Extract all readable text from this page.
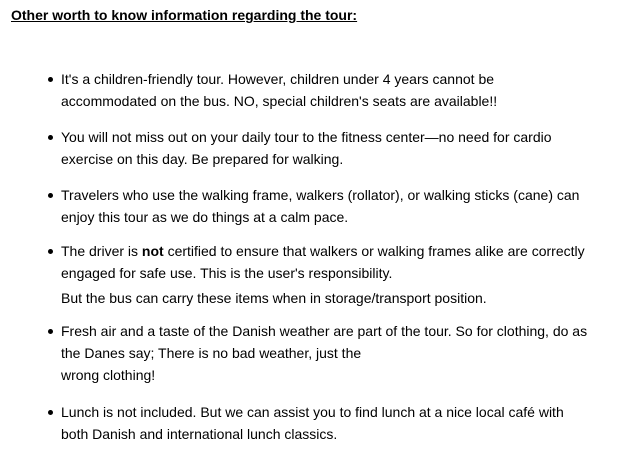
Other worth to know information regarding the tour:
It's a children-friendly tour. However, children under 4 years cannot be
accommodated on the bus. NO, special children's seats are available!!
You will not miss out on your daily tour to the fitness center—no need for cardio
exercise on this day. Be prepared for walking.
Travelers who use the walking frame, walkers (rollator), or walking sticks (cane) can
enjoy this tour as we do things at a calm pace.
The driver is not certified to ensure that walkers or walking frames alike are correctly
engaged for safe use. This is the user's responsibility.
But the bus can carry these items when in storage/transport position.
Fresh air and a taste of the Danish weather are part of the tour. So for clothing, do as
the Danes say; There is no bad weather, just the
wrong clothing!
Lunch is not included. But we can assist you to find lunch at a nice local café with
both Danish and international lunch classics.
